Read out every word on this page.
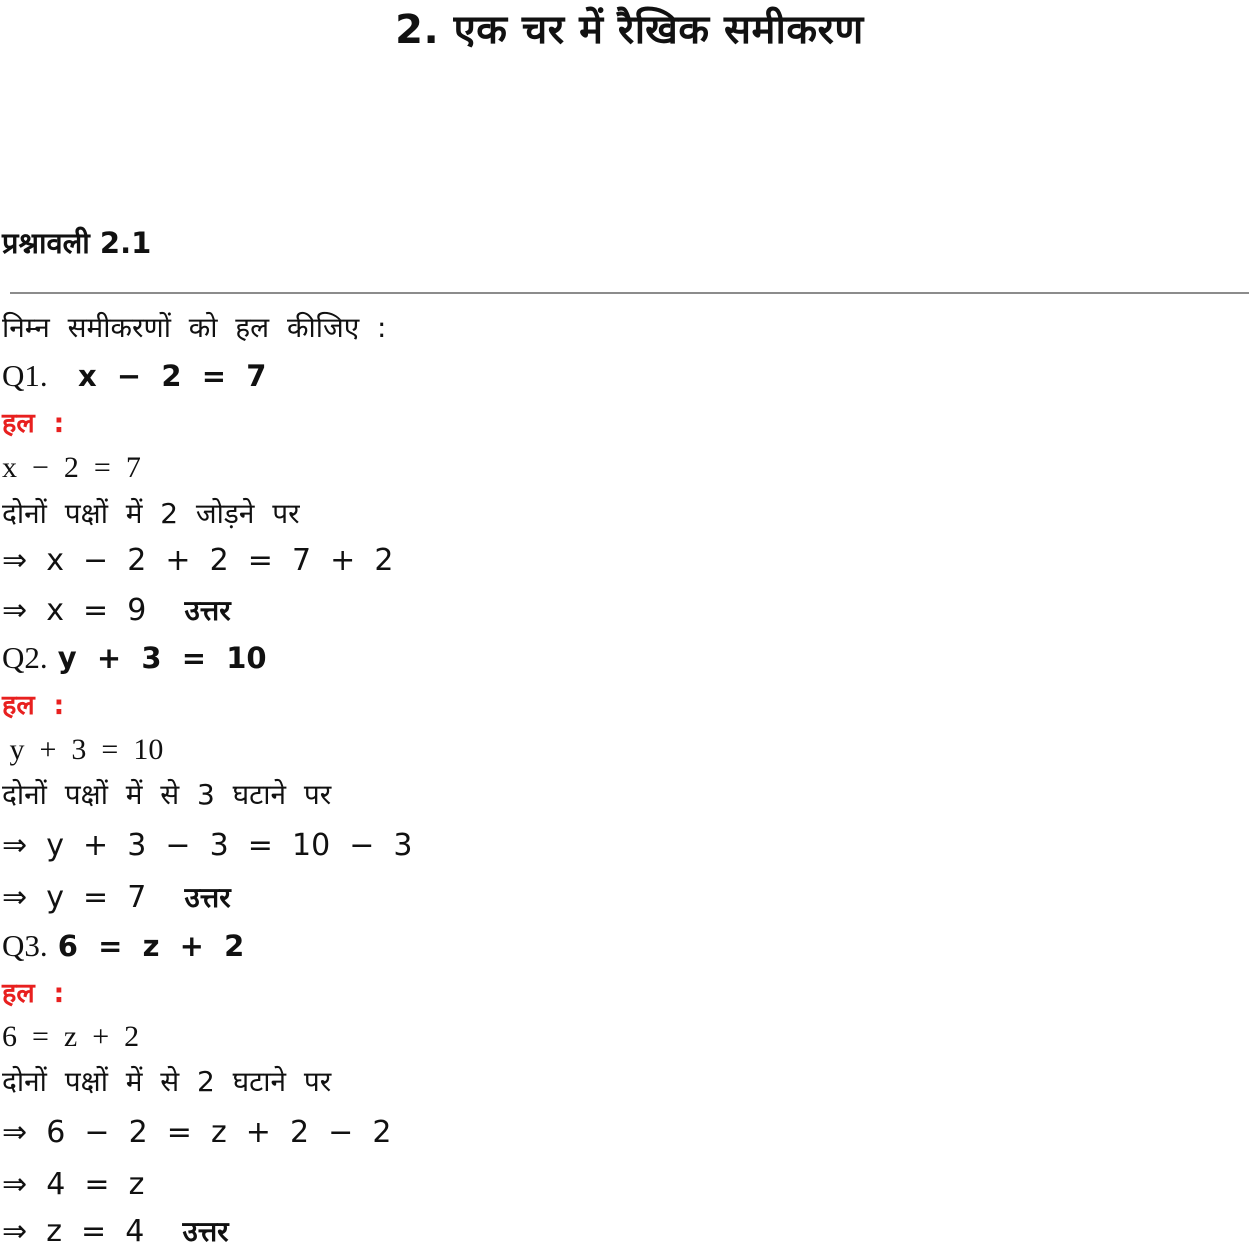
2. एक चर में रैखिक समीकरण
प्रश्नावली 2.1
निम्न  समीकरणों  को  हल  कीजिए  :
Q1. x  −  2  =  7
हल  :
x  −  2  =  7
दोनों  पक्षों  में  2  जोड़ने  पर
⇒  x  −  2  +  2  =  7  +  2
⇒  x  =  9 उत्तर
Q2. y  +  3  =  10
हल  :
y  +  3  =  10
दोनों  पक्षों  में  से  3  घटाने  पर
⇒  y  +  3  −  3  =  10  −  3
⇒  y  =  7 उत्तर
Q3. 6  =  z  +  2
हल  :
6  =  z  +  2
दोनों  पक्षों  में  से  2  घटाने  पर
⇒  6  −  2  =  z  +  2  −  2
⇒  4  =  z
⇒  z  =  4 उत्तर
